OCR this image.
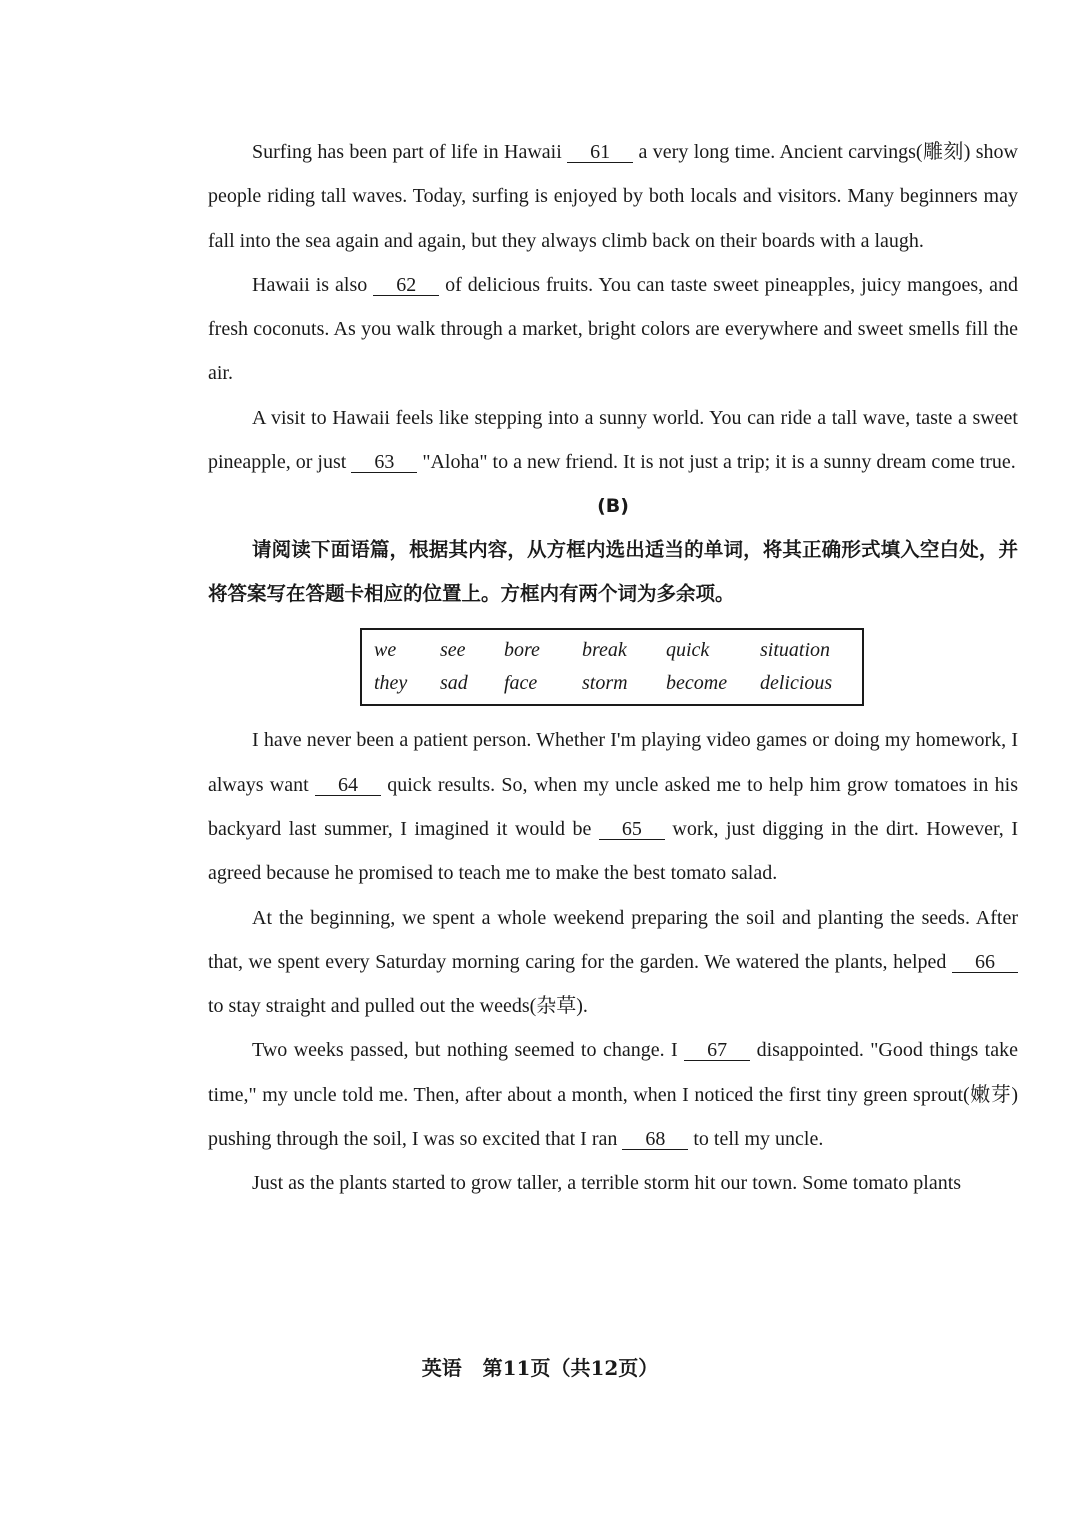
Surfing has been part of life in Hawaii 61 a very long time. Ancient carvings(雕刻) show people riding tall waves. Today, surfing is enjoyed by both locals and visitors. Many beginners may fall into the sea again and again, but they always climb back on their boards with a laugh.

Hawaii is also 62 of delicious fruits. You can taste sweet pineapples, juicy mangoes, and fresh coconuts. As you walk through a market, bright colors are everywhere and sweet smells fill the air.

A visit to Hawaii feels like stepping into a sunny world. You can ride a tall wave, taste a sweet pineapple, or just 63 "Aloha" to a new friend. It is not just a trip; it is a sunny dream come true.

(B)

请阅读下面语篇，根据其内容，从方框内选出适当的单词，将其正确形式填入空白处，并将答案写在答题卡相应的位置上。方框内有两个词为多余项。

we	see	bore	break	quick	situation
they	sad	face	storm	become	delicious

I have never been a patient person. Whether I'm playing video games or doing my homework, I always want 64 quick results. So, when my uncle asked me to help him grow tomatoes in his backyard last summer, I imagined it would be 65 work, just digging in the dirt. However, I agreed because he promised to teach me to make the best tomato salad.

At the beginning, we spent a whole weekend preparing the soil and planting the seeds. After that, we spent every Saturday morning caring for the garden. We watered the plants, helped 66 to stay straight and pulled out the weeds(杂草).

Two weeks passed, but nothing seemed to change. I 67 disappointed. "Good things take time," my uncle told me. Then, after about a month, when I noticed the first tiny green sprout(嫩芽) pushing through the soil, I was so excited that I ran 68 to tell my uncle.

Just as the plants started to grow taller, a terrible storm hit our town. Some tomato plants

英语   第11页（共12页）
